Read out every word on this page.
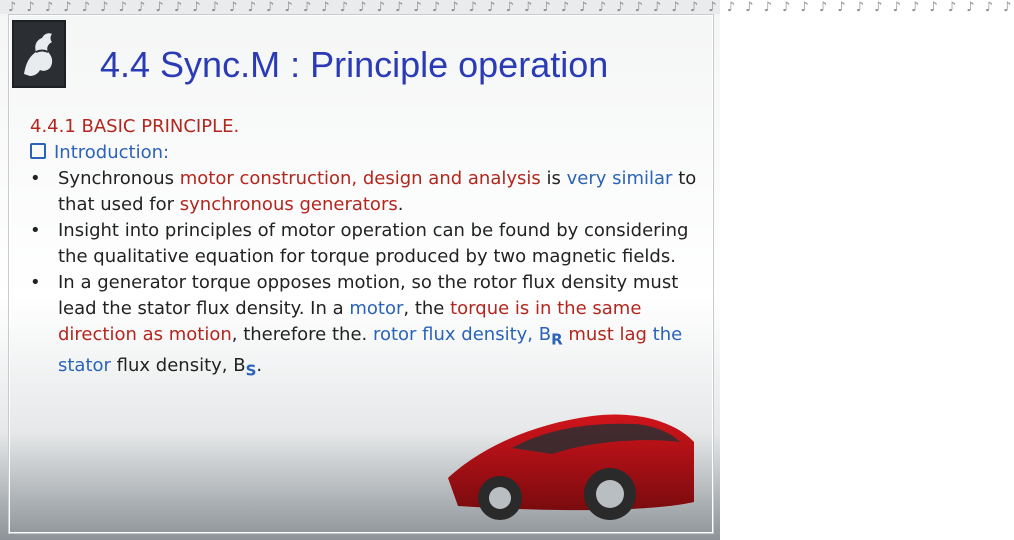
♪ ♪ ♪ ♪ ♪ ♪ ♪ ♪ ♪ ♪ ♪ ♪ ♪ ♪ ♪ ♪ ♪ ♪ ♪ ♪ ♪ ♪ ♪ ♪ ♪ ♪ ♪ ♪ ♪ ♪ ♪ ♪ ♪ ♪ ♪ ♪ ♪ ♪ ♪ ♪ ♪ ♪ ♪ ♪ ♪ ♪ ♪ ♪ ♪ ♪ ♪ ♪ ♪ ♪ ♪
4.4 Sync.M : Principle operation
4.4.1 BASIC PRINCIPLE.
Introduction:
• Synchronous motor construction, design and analysis is very similar to that used for synchronous generators.
• Insight into principles of motor operation can be found by considering the qualitative equation for torque produced by two magnetic fields.
• In a generator torque opposes motion, so the rotor flux density must lead the stator flux density. In a motor, the torque is in the same direction as motion, therefore the. rotor flux density, $B_R$ must lag the stator flux density, $B_S$.
